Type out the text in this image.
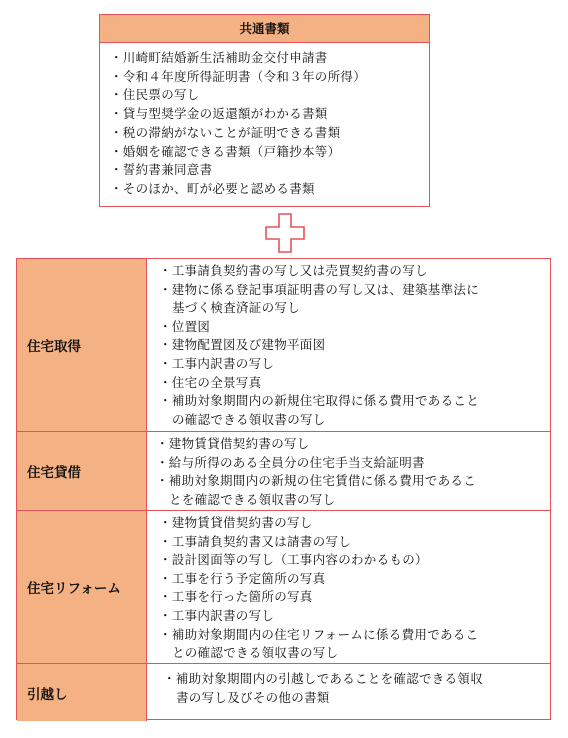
共通書類
・川崎町結婚新生活補助金交付申請書
・令和４年度所得証明書（令和３年の所得）
・住民票の写し
・貸与型奨学金の返還額がわかる書類
・税の滞納がないことが証明できる書類
・婚姻を確認できる書類（戸籍抄本等）
・誓約書兼同意書
・そのほか、町が必要と認める書類
住宅取得
・工事請負契約書の写し又は売買契約書の写し
・建物に係る登記事項証明書の写し又は、建築基準法に
基づく検査済証の写し
・位置図
・建物配置図及び建物平面図
・工事内訳書の写し
・住宅の全景写真
・補助対象期間内の新規住宅取得に係る費用であること
の確認できる領収書の写し
住宅貸借
・建物賃貸借契約書の写し
・給与所得のある全員分の住宅手当支給証明書
・補助対象期間内の新規の住宅賃借に係る費用であるこ
とを確認できる領収書の写し
住宅リフォーム
・建物賃貸借契約書の写し
・工事請負契約書又は請書の写し
・設計図面等の写し（工事内容のわかるもの）
・工事を行う予定箇所の写真
・工事を行った箇所の写真
・工事内訳書の写し
・補助対象期間内の住宅リフォームに係る費用であるこ
との確認できる領収書の写し
引越し
・補助対象期間内の引越しであることを確認できる領収
書の写し及びその他の書類
